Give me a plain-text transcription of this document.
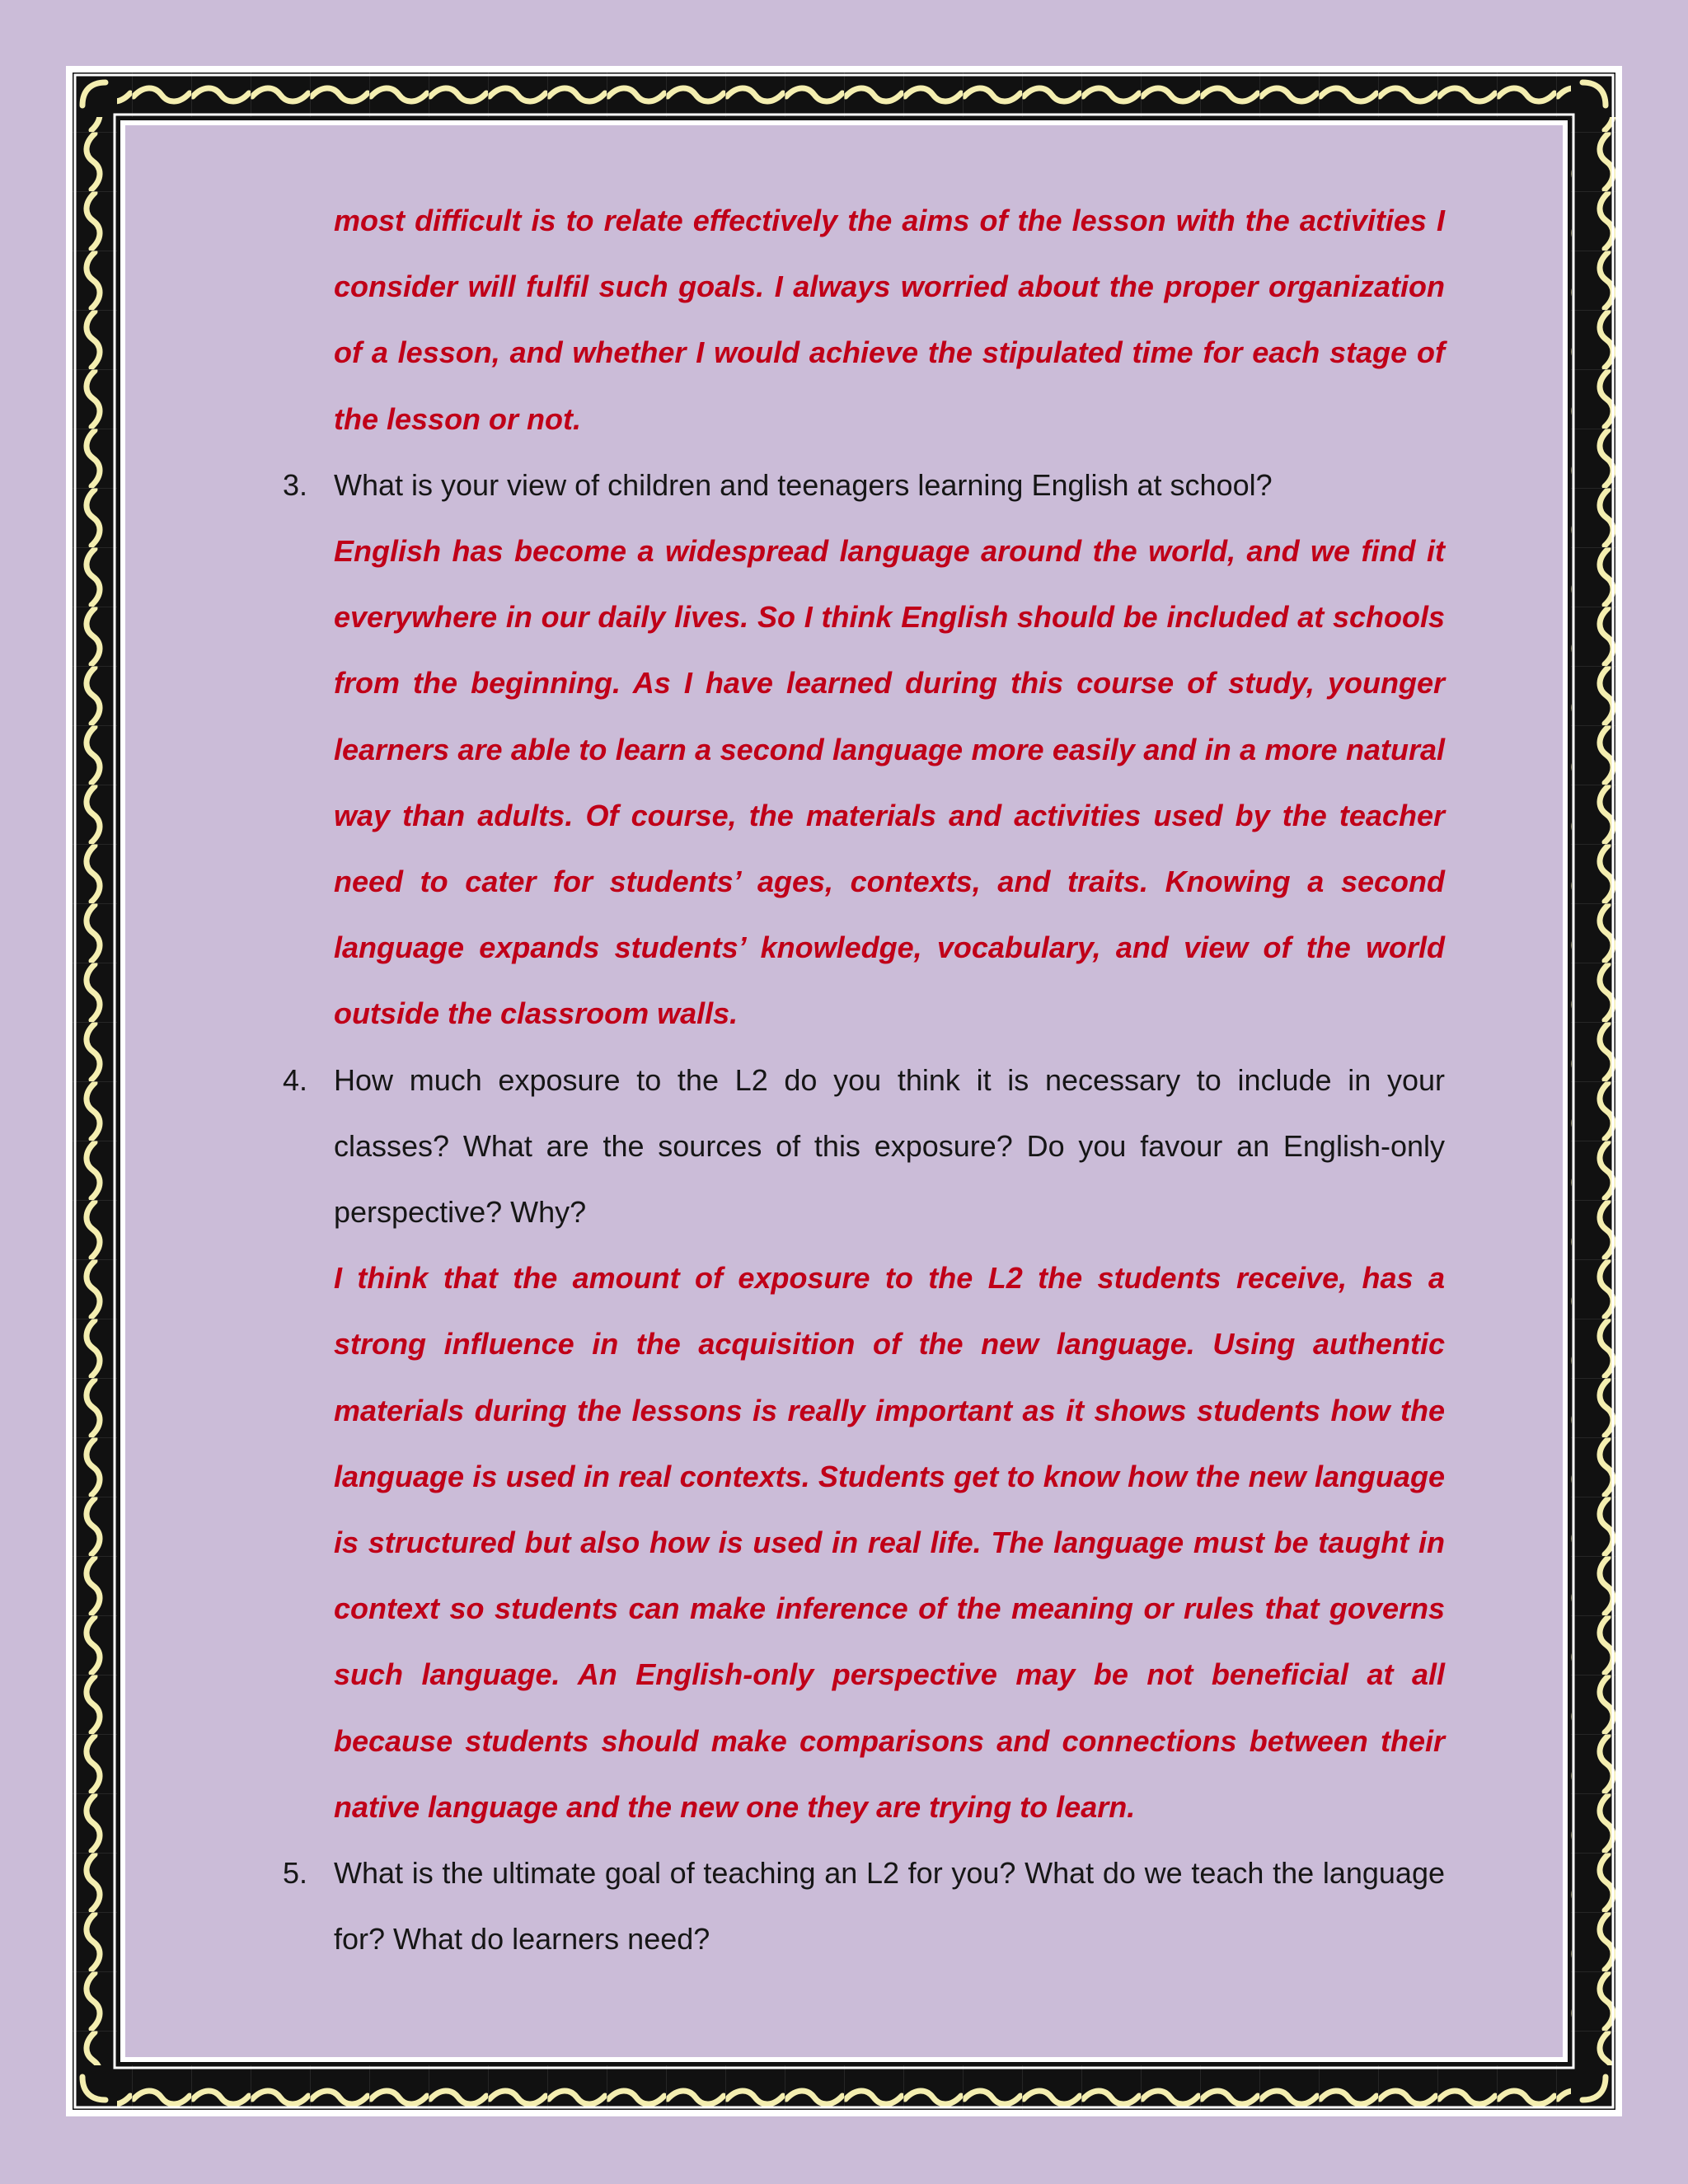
most difficult is to relate effectively the aims of the lesson with the activities I consider will fulfil such goals. I always worried about the proper organization of a lesson, and whether I would achieve the stipulated time for each stage of the lesson or not.

3. What is your view of children and teenagers learning English at school?

English has become a widespread language around the world, and we find it everywhere in our daily lives. So I think English should be included at schools from the beginning. As I have learned during this course of study, younger learners are able to learn a second language more easily and in a more natural way than adults. Of course, the materials and activities used by the teacher need to cater for students’ ages, contexts, and traits. Knowing a second language expands students’ knowledge, vocabulary, and view of the world outside the classroom walls.

4. How much exposure to the L2 do you think it is necessary to include in your classes? What are the sources of this exposure? Do you favour an English-only perspective? Why?

I think that the amount of exposure to the L2 the students receive, has a strong influence in the acquisition of the new language. Using authentic materials during the lessons is really important as it shows students how the language is used in real contexts. Students get to know how the new language is structured but also how is used in real life. The language must be taught in context so students can make inference of the meaning or rules that governs such language. An English-only perspective may be not beneficial at all because students should make comparisons and connections between their native language and the new one they are trying to learn.

5. What is the ultimate goal of teaching an L2 for you? What do we teach the language for? What do learners need?
